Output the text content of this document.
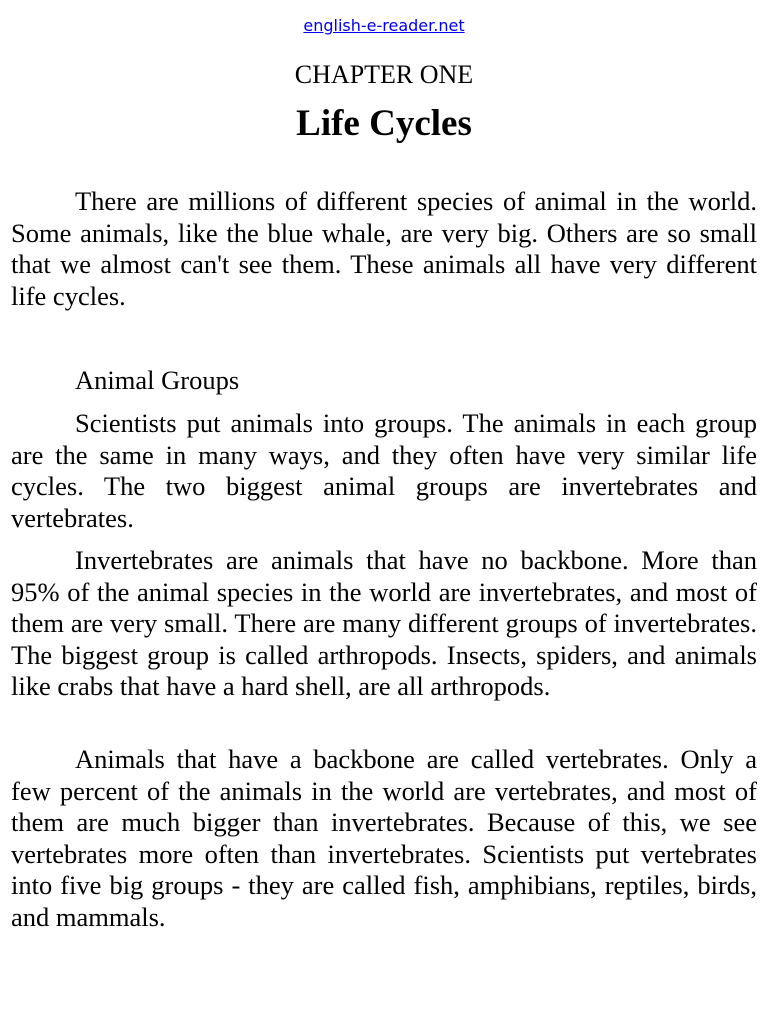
english-e-reader.net
CHAPTER ONE
Life Cycles

There are millions of different species of animal in the world. Some animals, like the blue whale, are very big. Others are so small that we almost can't see them. These animals all have very different life cycles.

Animal Groups

Scientists put animals into groups. The animals in each group are the same in many ways, and they often have very similar life cycles. The two biggest animal groups are invertebrates and vertebrates.

Invertebrates are animals that have no backbone. More than 95% of the animal species in the world are invertebrates, and most of them are very small. There are many different groups of invertebrates. The biggest group is called arthropods. Insects, spiders, and animals like crabs that have a hard shell, are all arthropods.

Animals that have a backbone are called vertebrates. Only a few percent of the animals in the world are vertebrates, and most of them are much bigger than invertebrates. Because of this, we see vertebrates more often than invertebrates. Scientists put vertebrates into five big groups - they are called fish, amphibians, reptiles, birds, and mammals.
